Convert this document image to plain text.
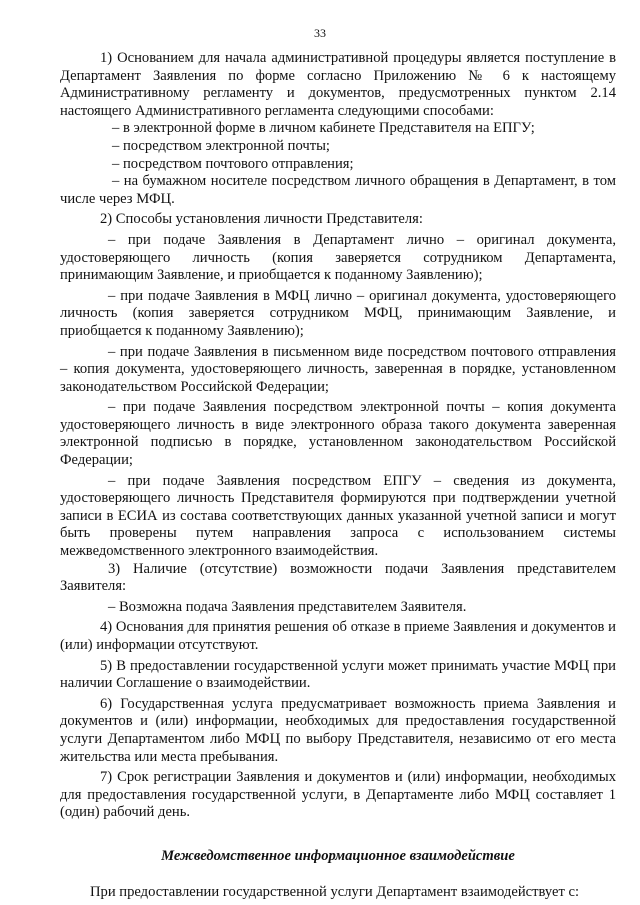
33

1) Основанием для начала административной процедуры является поступление в Департамент Заявления по форме согласно Приложению № 6 к настоящему Административному регламенту и документов, предусмотренных пунктом 2.14 настоящего Административного регламента следующими способами:

– в электронной форме в личном кабинете Представителя на ЕПГУ;

– посредством электронной почты;

– посредством почтового отправления;

– на бумажном носителе посредством личного обращения в Департамент, в том числе через МФЦ.

2) Способы установления личности Представителя:

– при подаче Заявления в Департамент лично – оригинал документа, удостоверяющего личность (копия заверяется сотрудником Департамента, принимающим Заявление, и приобщается к поданному Заявлению);

– при подаче Заявления в МФЦ лично – оригинал документа, удостоверяющего личность (копия заверяется сотрудником МФЦ, принимающим Заявление, и приобщается к поданному Заявлению);

– при подаче Заявления в письменном виде посредством почтового отправления – копия документа, удостоверяющего личность, заверенная в порядке, установленном законодательством Российской Федерации;

– при подаче Заявления посредством электронной почты – копия документа удостоверяющего личность в виде электронного образа такого документа заверенная электронной подписью в порядке, установленном законодательством Российской Федерации;

– при подаче Заявления посредством ЕПГУ – сведения из документа, удостоверяющего личность Представителя формируются при подтверждении учетной записи в ЕСИА из состава соответствующих данных указанной учетной записи и могут быть проверены путем направления запроса с использованием системы межведомственного электронного взаимодействия.

3) Наличие (отсутствие) возможности подачи Заявления представителем Заявителя:

– Возможна подача Заявления представителем Заявителя.

4) Основания для принятия решения об отказе в приеме Заявления и документов и (или) информации отсутствуют.

5) В предоставлении государственной услуги может принимать участие МФЦ при наличии Соглашение о взаимодействии.

6) Государственная услуга предусматривает возможность приема Заявления и документов и (или) информации, необходимых для предоставления государственной услуги Департаментом либо МФЦ по выбору Представителя, независимо от его места жительства или места пребывания.

7) Срок регистрации Заявления и документов и (или) информации, необходимых для предоставления государственной услуги, в Департаменте либо МФЦ составляет 1 (один) рабочий день.

Межведомственное информационное взаимодействие

При предоставлении государственной услуги Департамент взаимодействует с:
